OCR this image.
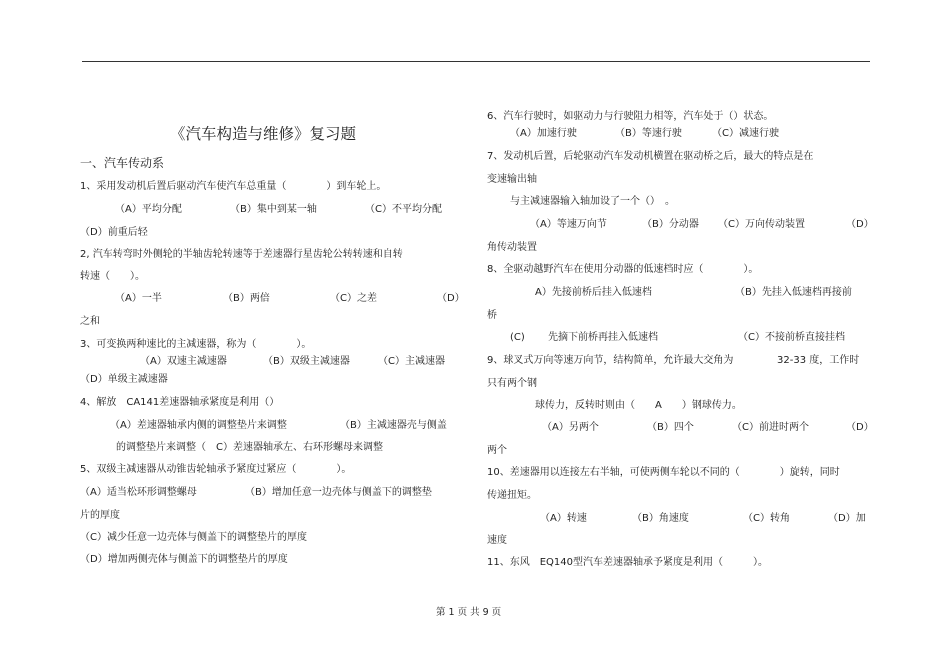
《汽车构造与维修》复习题
一、汽车传动系
1、采用发动机后置后驱动汽车使汽车总重量（　　　　）到车轮上。
（A）平均分配	（B）集中到某一轴	（C）不平均分配
（D）前重后轻
2, 汽车转弯时外侧轮的半轴齿轮转速等于差速器行星齿轮公转转速和自转
转速（　　）。
（A）一半	（B）两倍	（C）之差	（D）
之和
3、可变换两种速比的主减速器，称为（　　　　）。
（A）双速主减速器	（B）双级主减速器	（C）主减速器
（D）单级主减速器
4、解放　CA141差速器轴承紧度是利用（）
（A）差速器轴承内侧的调整垫片来调整	（B）主减速器壳与侧盖
的调整垫片来调整（　C）差速器轴承左、右环形螺母来调整
5、双级主减速器从动锥齿轮轴承予紧度过紧应（　　　　）。
（A）适当松环形调整螺母	（B）增加任意一边壳体与侧盖下的调整垫
片的厚度
（C）减少任意一边壳体与侧盖下的调整垫片的厚度
（D）增加两侧壳体与侧盖下的调整垫片的厚度
6、汽车行驶时，如驱动力与行驶阻力相等，汽车处于（）状态。
（A）加速行驶	（B）等速行驶	（C）减速行驶
7、发动机后置，后轮驱动汽车发动机横置在驱动桥之后，最大的特点是在
变速输出轴
与主减速器输入轴加设了一个（）　。
（A）等速万向节	（B）分动器 （C）万向传动装置	（D）
角传动装置
8、全驱动越野汽车在使用分动器的低速档时应（　　　　）。
A）先接前桥后挂入低速档	（B）先挂入低速档再接前
桥
(C) 先摘下前桥再挂入低速档	（C）不接前桥直接挂档
9、球叉式万向等速万向节，结构简单，允许最大交角为	32-33 度，工作时
只有两个钢
球传力，反转时则由（　　A　　）钢球传力。
（A）另两个	（B）四个	（C）前进时两个	（D）
两个
10、差速器用以连接左右半轴，可使两侧车轮以不同的（　　　　）旋转，同时
传递扭矩。
（A）转速	（B）角速度	（C）转角	（D）加
速度
11、东风　EQ140型汽车差速器轴承予紧度是利用（　　　）。
第 1 页 共 9 页
